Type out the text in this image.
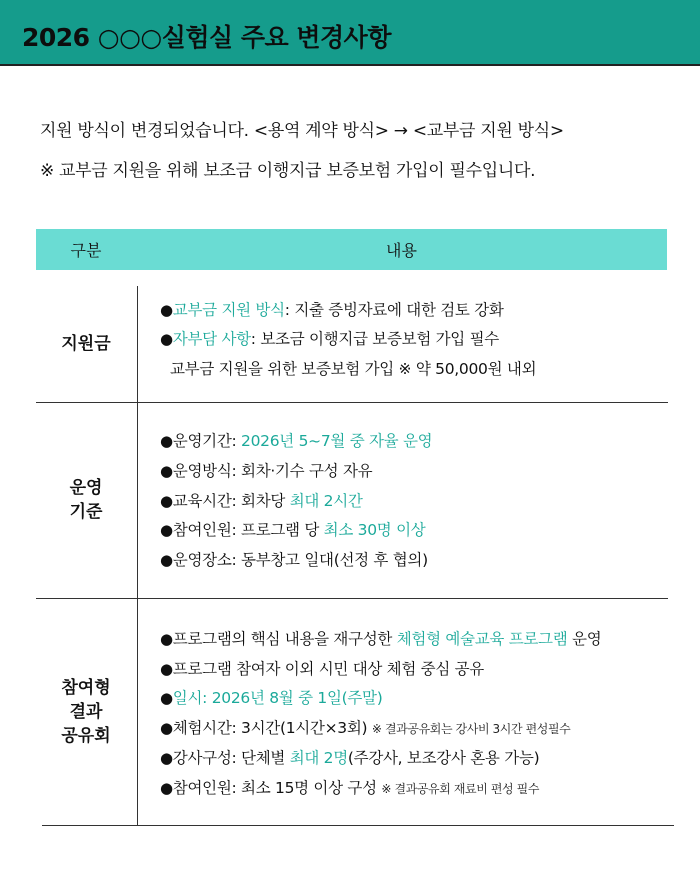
2026 ○○○실험실 주요 변경사항
지원 방식이 변경되었습니다. <용역 계약 방식> → <교부금 지원 방식>
※ 교부금 지원을 위해 보조금 이행지급 보증보험 가입이 필수입니다.
구분	내용
지원금
●교부금 지원 방식: 지출 증빙자료에 대한 검토 강화
●자부담 사항: 보조금 이행지급 보증보험 가입 필수
교부금 지원을 위한 보증보험 가입 ※ 약 50,000원 내외
운영
기준
●운영기간: 2026년 5~7월 중 자율 운영
●운영방식: 회차·기수 구성 자유
●교육시간: 회차당 최대 2시간
●참여인원: 프로그램 당 최소 30명 이상
●운영장소: 동부창고 일대(선정 후 협의)
참여형
결과
공유회
●프로그램의 핵심 내용을 재구성한 체험형 예술교육 프로그램 운영
●프로그램 참여자 이외 시민 대상 체험 중심 공유
●일시: 2026년 8월 중 1일(주말)
●체험시간: 3시간(1시간×3회) ※ 결과공유회는 강사비 3시간 편성필수
●강사구성: 단체별 최대 2명(주강사, 보조강사 혼용 가능)
●참여인원: 최소 15명 이상 구성 ※ 결과공유회 재료비 편성 필수
